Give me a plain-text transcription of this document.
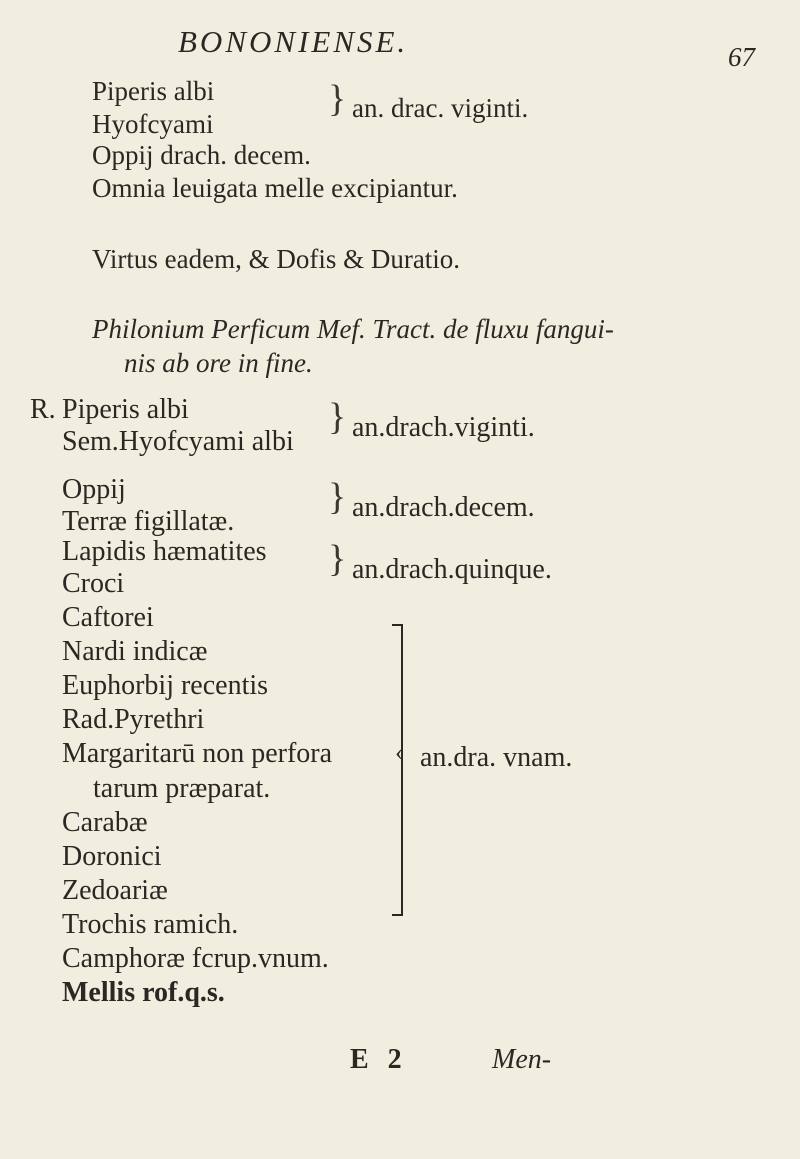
BONONIENSE.	67
Piperis albi
Hyofcyami
} an. drac. viginti.
Oppij drach. decem.
Omnia leuigata melle excipiantur.
Virtus eadem, & Dofis & Duratio.
Philonium Perficum Mef. Tract. de fluxu fangui-
nis ab ore in fine.
R. Piperis albi
Sem.Hyofcyami albi
} an.drach.viginti.
Oppij
Terræ figillatæ.
} an.drach.decem.
Lapidis hæmatites
Croci
} an.drach.quinque.
Caftorei
Nardi indicæ
Euphorbij recentis
Rad.Pyrethri
Margaritarū non perfora
tarum præparat.
Carabæ
Doronici
Zedoariæ
Trochis ramich.
‹ an.dra. vnam.
Camphoræ fcrup.vnum.
Mellis rof.q.s.
E 2	Men-
